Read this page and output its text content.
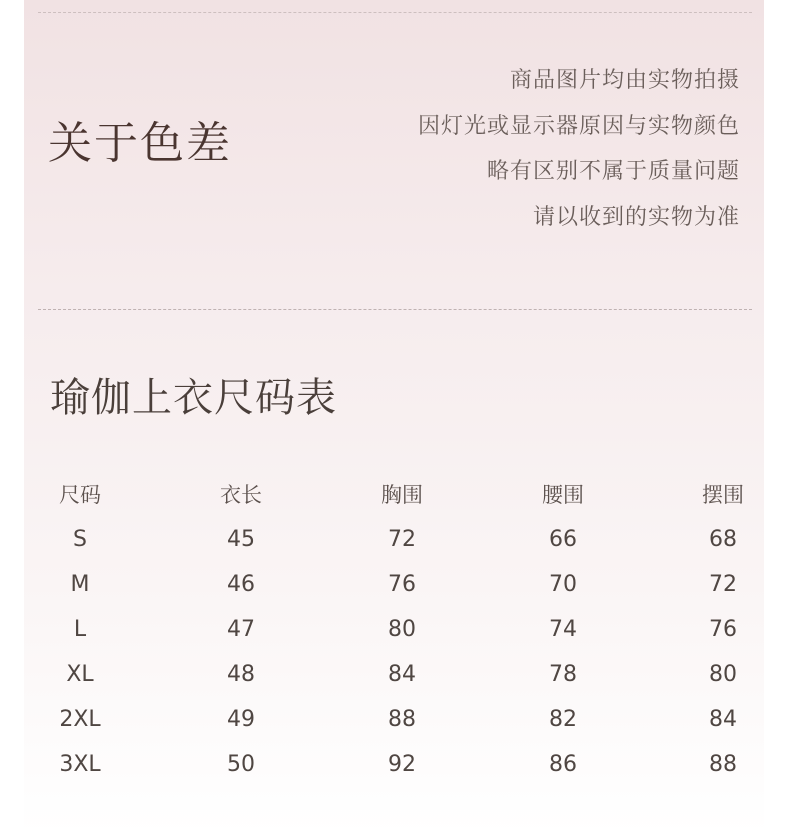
关于色差
商品图片均由实物拍摄
因灯光或显示器原因与实物颜色
略有区别不属于质量问题
请以收到的实物为准
瑜伽上衣尺码表
尺码	衣长	胸围	腰围	摆围
S	45	72	66	68
M	46	76	70	72
L	47	80	74	76
XL	48	84	78	80
2XL	49	88	82	84
3XL	50	92	86	88
